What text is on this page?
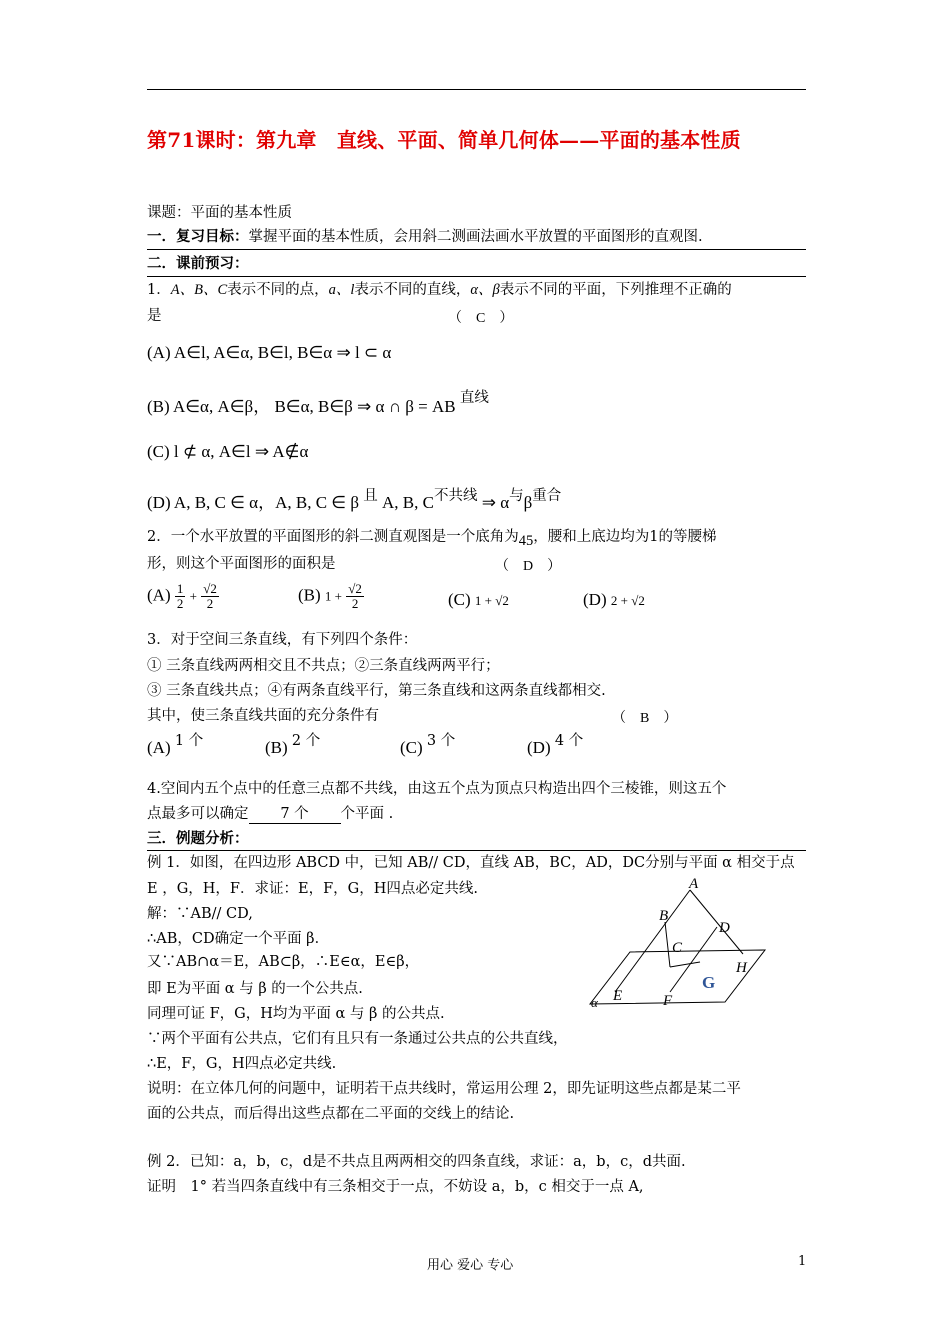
第71课时：第九章　直线、平面、简单几何体——平面的基本性质
课题：平面的基本性质
一．复习目标：掌握平面的基本性质，会用斜二测画法画水平放置的平面图形的直观图.
二．课前预习：
1．A、B、C表示不同的点，a、l表示不同的直线，α、β表示不同的平面，下列推理不正确的
是	（　C　）
(A) A∈l, A∈α, B∈l, B∈α ⇒ l ⊂ α
(B) A∈α, A∈β， B∈α, B∈β ⇒ α ∩ β = AB 直线
(C) l ⊄ α, A∈l ⇒ A∉α
(D) A, B, C ∈ α，A, B, C ∈ β 且 A, B, C不共线 ⇒ α与β重合
2．一个水平放置的平面图形的斜二测直观图是一个底角为45，腰和上底边均为1的等腰梯
形，则这个平面图形的面积是	（　D　）
$(A) \frac{1}{2} + \frac{√2}{2}$	(B) $1 + \frac{√2}{2}$	(C) 1 + √2	(D) 2 + √2
3．对于空间三条直线，有下列四个条件：
① 三条直线两两相交且不共点；②三条直线两两平行；
③ 三条直线共点；④有两条直线平行，第三条直线和这两条直线都相交.
其中，使三条直线共面的充分条件有	（　B　）
(A) 1 个	(B) 2 个	(C) 3 个	(D) 4 个
4.空间内五个点中的任意三点都不共线，由这五个点为顶点只构造出四个三棱锥，则这五个
点最多可以确定 7 个 个平面 .
三．例题分析：
例 1．如图，在四边形 ABCD 中，已知 AB// CD，直线 AB，BC，AD，DC分别与平面 α 相交于点
E ，G，H，F．求证：E，F，G，H四点必定共线.
解：∵AB// CD,
∴AB，CD确定一个平面 β．
又∵AB∩α＝E，AB⊂β，∴E∈α，E∈β，
即 E为平面 α 与 β 的一个公共点.
同理可证 F，G，H均为平面 α 与 β 的公共点.
∵两个平面有公共点，它们有且只有一条通过公共点的公共直线，
∴E，F，G，H四点必定共线.
说明：在立体几何的问题中，证明若干点共线时，常运用公理 2，即先证明这些点都是某二平
面的公共点，而后得出这些点都在二平面的交线上的结论.
A
B
D
C
H
G
E	F
α
例 2．已知：a，b，c，d是不共点且两两相交的四条直线，求证：a，b，c，d共面.
证明　1° 若当四条直线中有三条相交于一点，不妨设 a，b，c 相交于一点 A,
用心 爱心 专心	1
